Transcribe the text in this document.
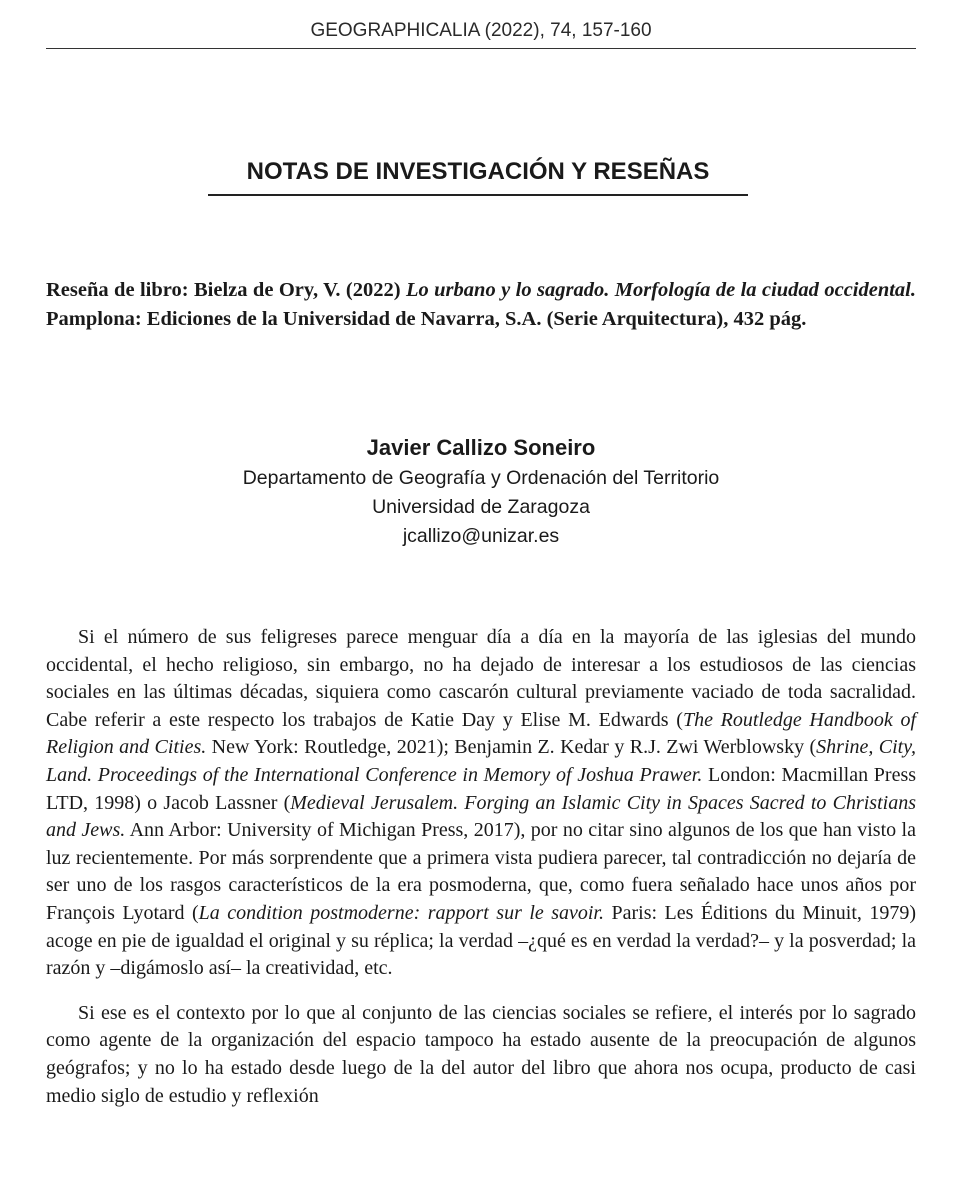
GEOGRAPHICALIA (2022), 74, 157-160
NOTAS DE INVESTIGACIÓN Y RESEÑAS
Reseña de libro: Bielza de Ory, V. (2022) Lo urbano y lo sagrado. Morfología de la ciudad occidental. Pamplona: Ediciones de la Universidad de Navarra, S.A. (Serie Arquitectura), 432 pág.
Javier Callizo Soneiro
Departamento de Geografía y Ordenación del Territorio
Universidad de Zaragoza
jcallizo@unizar.es

Si el número de sus feligreses parece menguar día a día en la mayoría de las iglesias del mundo occidental, el hecho religioso, sin embargo, no ha dejado de interesar a los estudiosos de las ciencias sociales en las últimas décadas, siquiera como cascarón cultural previamente vaciado de toda sacralidad. Cabe referir a este respecto los trabajos de Katie Day y Elise M. Edwards (The Routledge Handbook of Religion and Cities. New York: Routledge, 2021); Benjamin Z. Kedar y R.J. Zwi Werblowsky (Shrine, City, Land. Proceedings of the International Conference in Memory of Joshua Prawer. London: Macmillan Press LTD, 1998) o Jacob Lassner (Medieval Jerusalem. Forging an Islamic City in Spaces Sacred to Christians and Jews. Ann Arbor: University of Michigan Press, 2017), por no citar sino algunos de los que han visto la luz recientemente. Por más sorprendente que a primera vista pudiera parecer, tal contradicción no dejaría de ser uno de los rasgos característicos de la era posmoderna, que, como fuera señalado hace unos años por François Lyotard (La condition postmoderne: rapport sur le savoir. Paris: Les Éditions du Minuit, 1979) acoge en pie de igualdad el original y su réplica; la verdad –¿qué es en verdad la verdad?– y la posverdad; la razón y –digámoslo así– la creatividad, etc.

Si ese es el contexto por lo que al conjunto de las ciencias sociales se refiere, el interés por lo sagrado como agente de la organización del espacio tampoco ha estado ausente de la preocupación de algunos geógrafos; y no lo ha estado desde luego de la del autor del libro que ahora nos ocupa, producto de casi medio siglo de estudio y reflexión
